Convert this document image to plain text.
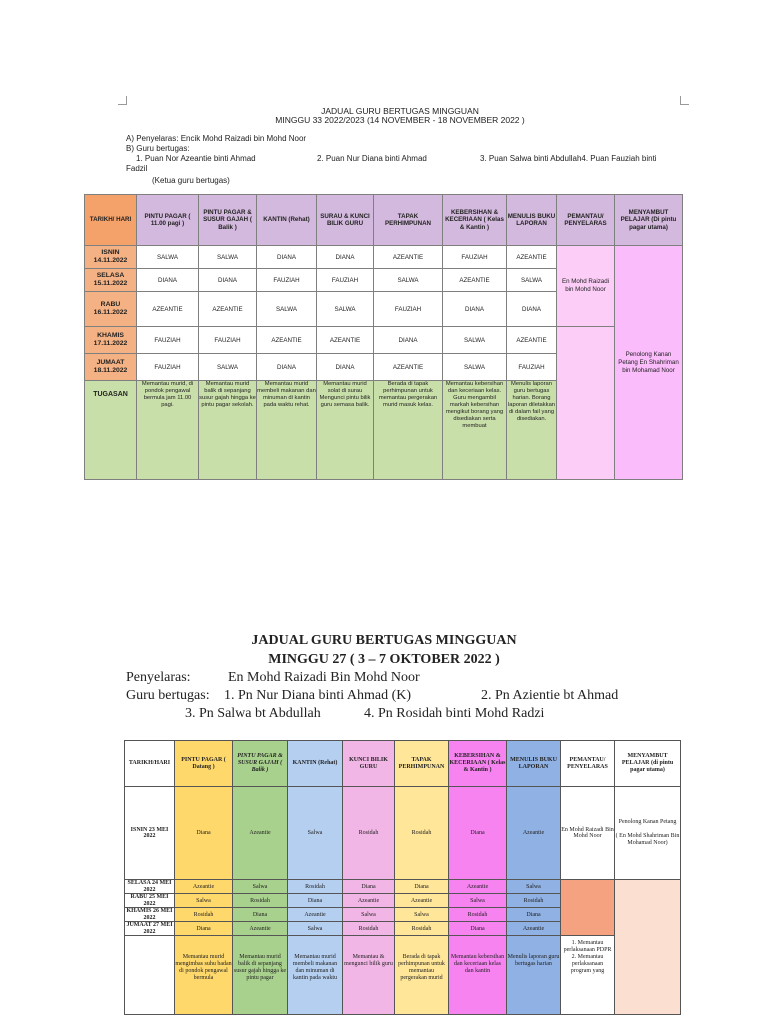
JADUAL GURU BERTUGAS MINGGUAN
MINGGU 33 2022/2023 (14 NOVEMBER - 18 NOVEMBER 2022 )
A) Penyelaras: Encik Mohd Raizadi bin Mohd Noor
B) Guru bertugas:
1. Puan Nor Azeantie binti Ahmad	2. Puan Nur Diana binti Ahmad	3. Puan Salwa binti Abdullah4. Puan Fauziah binti
Fadzil
(Ketua guru bertugas)
TARIKH/ HARI	PINTU PAGAR ( 11.00 pagi )	PINTU PAGAR & SUSUR GAJAH ( Balik )	KANTIN (Rehat)	SURAU & KUNCI BILIK GURU	TAPAK PERHIMPUNAN	KEBERSIHAN & KECERIAAN ( Kelas & Kantin )	MENULIS BUKU LAPORAN	PEMANTAU/ PENYELARAS	MENYAMBUT PELAJAR (Di pintu pagar utama)	
ISNIN 14.11.2022	SALWA	SALWA	DIANA	DIANA	AZEANTIE	FAUZIAH	AZEANTIE	En Mohd Raizadi bin Mohd Noor	Penolong Kanan Petang En Shahriman bin Mohamad Noor	
SELASA 15.11.2022	DIANA	DIANA	FAUZIAH	FAUZIAH	SALWA	AZEANTIE	SALWA			
RABU 16.11.2022	AZEANTIE	AZEANTIE	SALWA	SALWA	FAUZIAH	DIANA	DIANA			
KHAMIS 17.11.2022	FAUZIAH	FAUZIAH	AZEANTIE	AZEANTIE	DIANA	SALWA	AZEANTIE			
JUMAAT 18.11.2022	FAUZIAH	SALWA	DIANA	DIANA	AZEANTIE	SALWA	FAUZIAH			
TUGASAN	Memantau murid, di pondok pengawal bermula jam 11.00 pagi.	Memantau murid balik di sepanjang susur gajah hingga ke pintu pagar sekolah.	Memantau murid membeli makanan dan minuman di kantin pada waktu rehat.	Memantau murid solat di surau Mengunci pintu bilik guru semasa balik.	Berada di tapak perhimpunan untuk memantau pergerakan murid masuk kelas.	Memantau kebersihan dan keceriaan kelas. Guru mengambil markah kebersihan mengikut borang yang disediakan serta membuat	Menulis laporan guru bertugas harian. Borang laporan diletakkan di dalam fail yang disediakan.	
JADUAL GURU BERTUGAS MINGGUAN
MINGGU 27 ( 3 – 7 OKTOBER 2022 )
Penyelaras:	En Mohd Raizadi Bin Mohd Noor
Guru bertugas: 1. Pn Nur Diana binti Ahmad (K)	2. Pn Azientie bt Ahmad
3. Pn Salwa bt Abdullah	4. Pn Rosidah binti Mohd Radzi
TARIKH/HARI	PINTU PAGAR ( Datang )	PINTU PAGAR & SUSUR GAJAH ( Balik )	KANTIN (Rehat)	KUNCI BILIK GURU	TAPAK PERHIMPUNAN	KEBERSIHAN & KECERIAAN ( Kelas & Kantin )	MENULIS BUKU LAPORAN	PEMANTAU/ PENYELARAS	MENYAMBUT PELAJAR (di pintu pagar utama)	
ISNIN 23 MEI 2022	Diana	Azeantie	Salwa	Rosidah	Rosidah	Diana	Azeantie	En Mohd Raizadi Bin Mohd Noor	Penolong Kanan Petang

( En Mohd Shahriman Bin Mohamad Noor)	
SELASA 24 MEI 2022	Azeantie	Salwa	Rosidah	Diana	Diana	Azeantie	Salwa			
RABU 25 MEI 2022	Salwa	Rosidah	Diana	Azeantie	Azeantie	Salwa	Rosidah			
KHAMIS 26 MEI 2022	Rosidah	Diana	Azeantie	Salwa	Salwa	Rosidah	Diana			
JUMAAT 27 MEI 2022	Diana	Azeantie	Salwa	Rosidah	Rosidah	Diana	Azeantie			
	Memantau murid mengimbas suhu badan di pondok pengawal bermula	Memantau murid balik di sepanjang susur gajah hingga ke pintu pagar	Memantau murid membeli makanan dan minuman di kantin pada waktu	Memantau & mengunci bilik guru	Berada di tapak perhimpunan untuk memantau pergerakan murid	Memantau kebersihan dan keceriaan kelas dan kantin	Menulis laporan guru bertugas harian	1. Memantau perlaksanaan PDPR 2. Memantau perlaksanaan program yang		
